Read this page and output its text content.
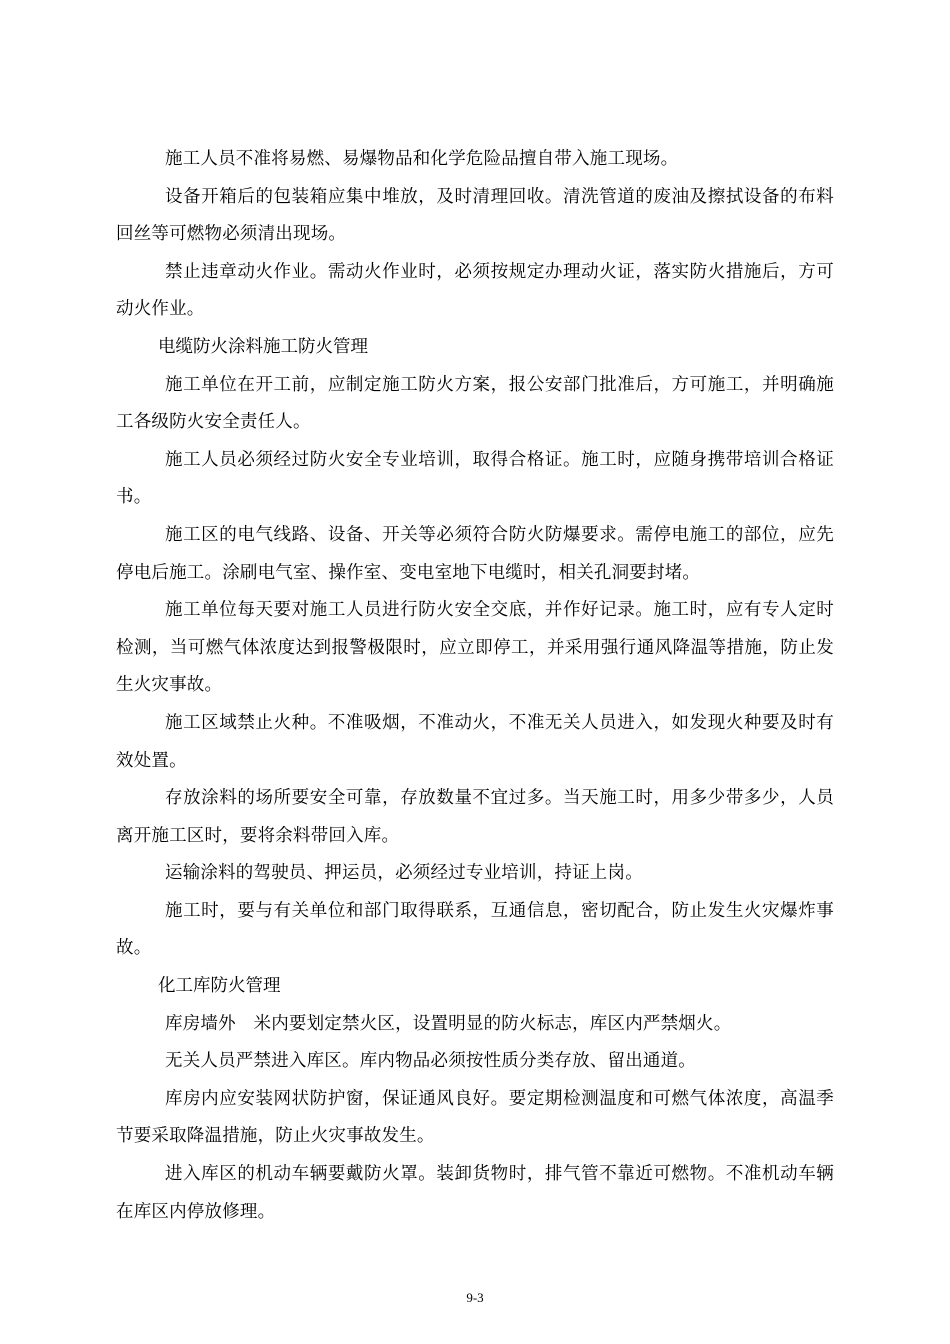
施工人员不准将易燃、易爆物品和化学危险品擅自带入施工现场。

设备开箱后的包装箱应集中堆放，及时清理回收。清洗管道的废油及擦拭设备的布料回丝等可燃物必须清出现场。

禁止违章动火作业。需动火作业时，必须按规定办理动火证，落实防火措施后，方可动火作业。

电缆防火涂料施工防火管理

施工单位在开工前，应制定施工防火方案，报公安部门批准后，方可施工，并明确施工各级防火安全责任人。

施工人员必须经过防火安全专业培训，取得合格证。施工时，应随身携带培训合格证书。

施工区的电气线路、设备、开关等必须符合防火防爆要求。需停电施工的部位，应先停电后施工。涂刷电气室、操作室、变电室地下电缆时，相关孔洞要封堵。

施工单位每天要对施工人员进行防火安全交底，并作好记录。施工时，应有专人定时检测，当可燃气体浓度达到报警极限时，应立即停工，并采用强行通风降温等措施，防止发生火灾事故。

施工区域禁止火种。不准吸烟，不准动火，不准无关人员进入，如发现火种要及时有效处置。

存放涂料的场所要安全可靠，存放数量不宜过多。当天施工时，用多少带多少，人员离开施工区时，要将余料带回入库。

运输涂料的驾驶员、押运员，必须经过专业培训，持证上岗。

施工时，要与有关单位和部门取得联系，互通信息，密切配合，防止发生火灾爆炸事故。

化工库防火管理

库房墙外　米内要划定禁火区，设置明显的防火标志，库区内严禁烟火。

无关人员严禁进入库区。库内物品必须按性质分类存放、留出通道。

库房内应安装网状防护窗，保证通风良好。要定期检测温度和可燃气体浓度，高温季节要采取降温措施，防止火灾事故发生。

进入库区的机动车辆要戴防火罩。装卸货物时，排气管不靠近可燃物。不准机动车辆在库区内停放修理。

9-3
